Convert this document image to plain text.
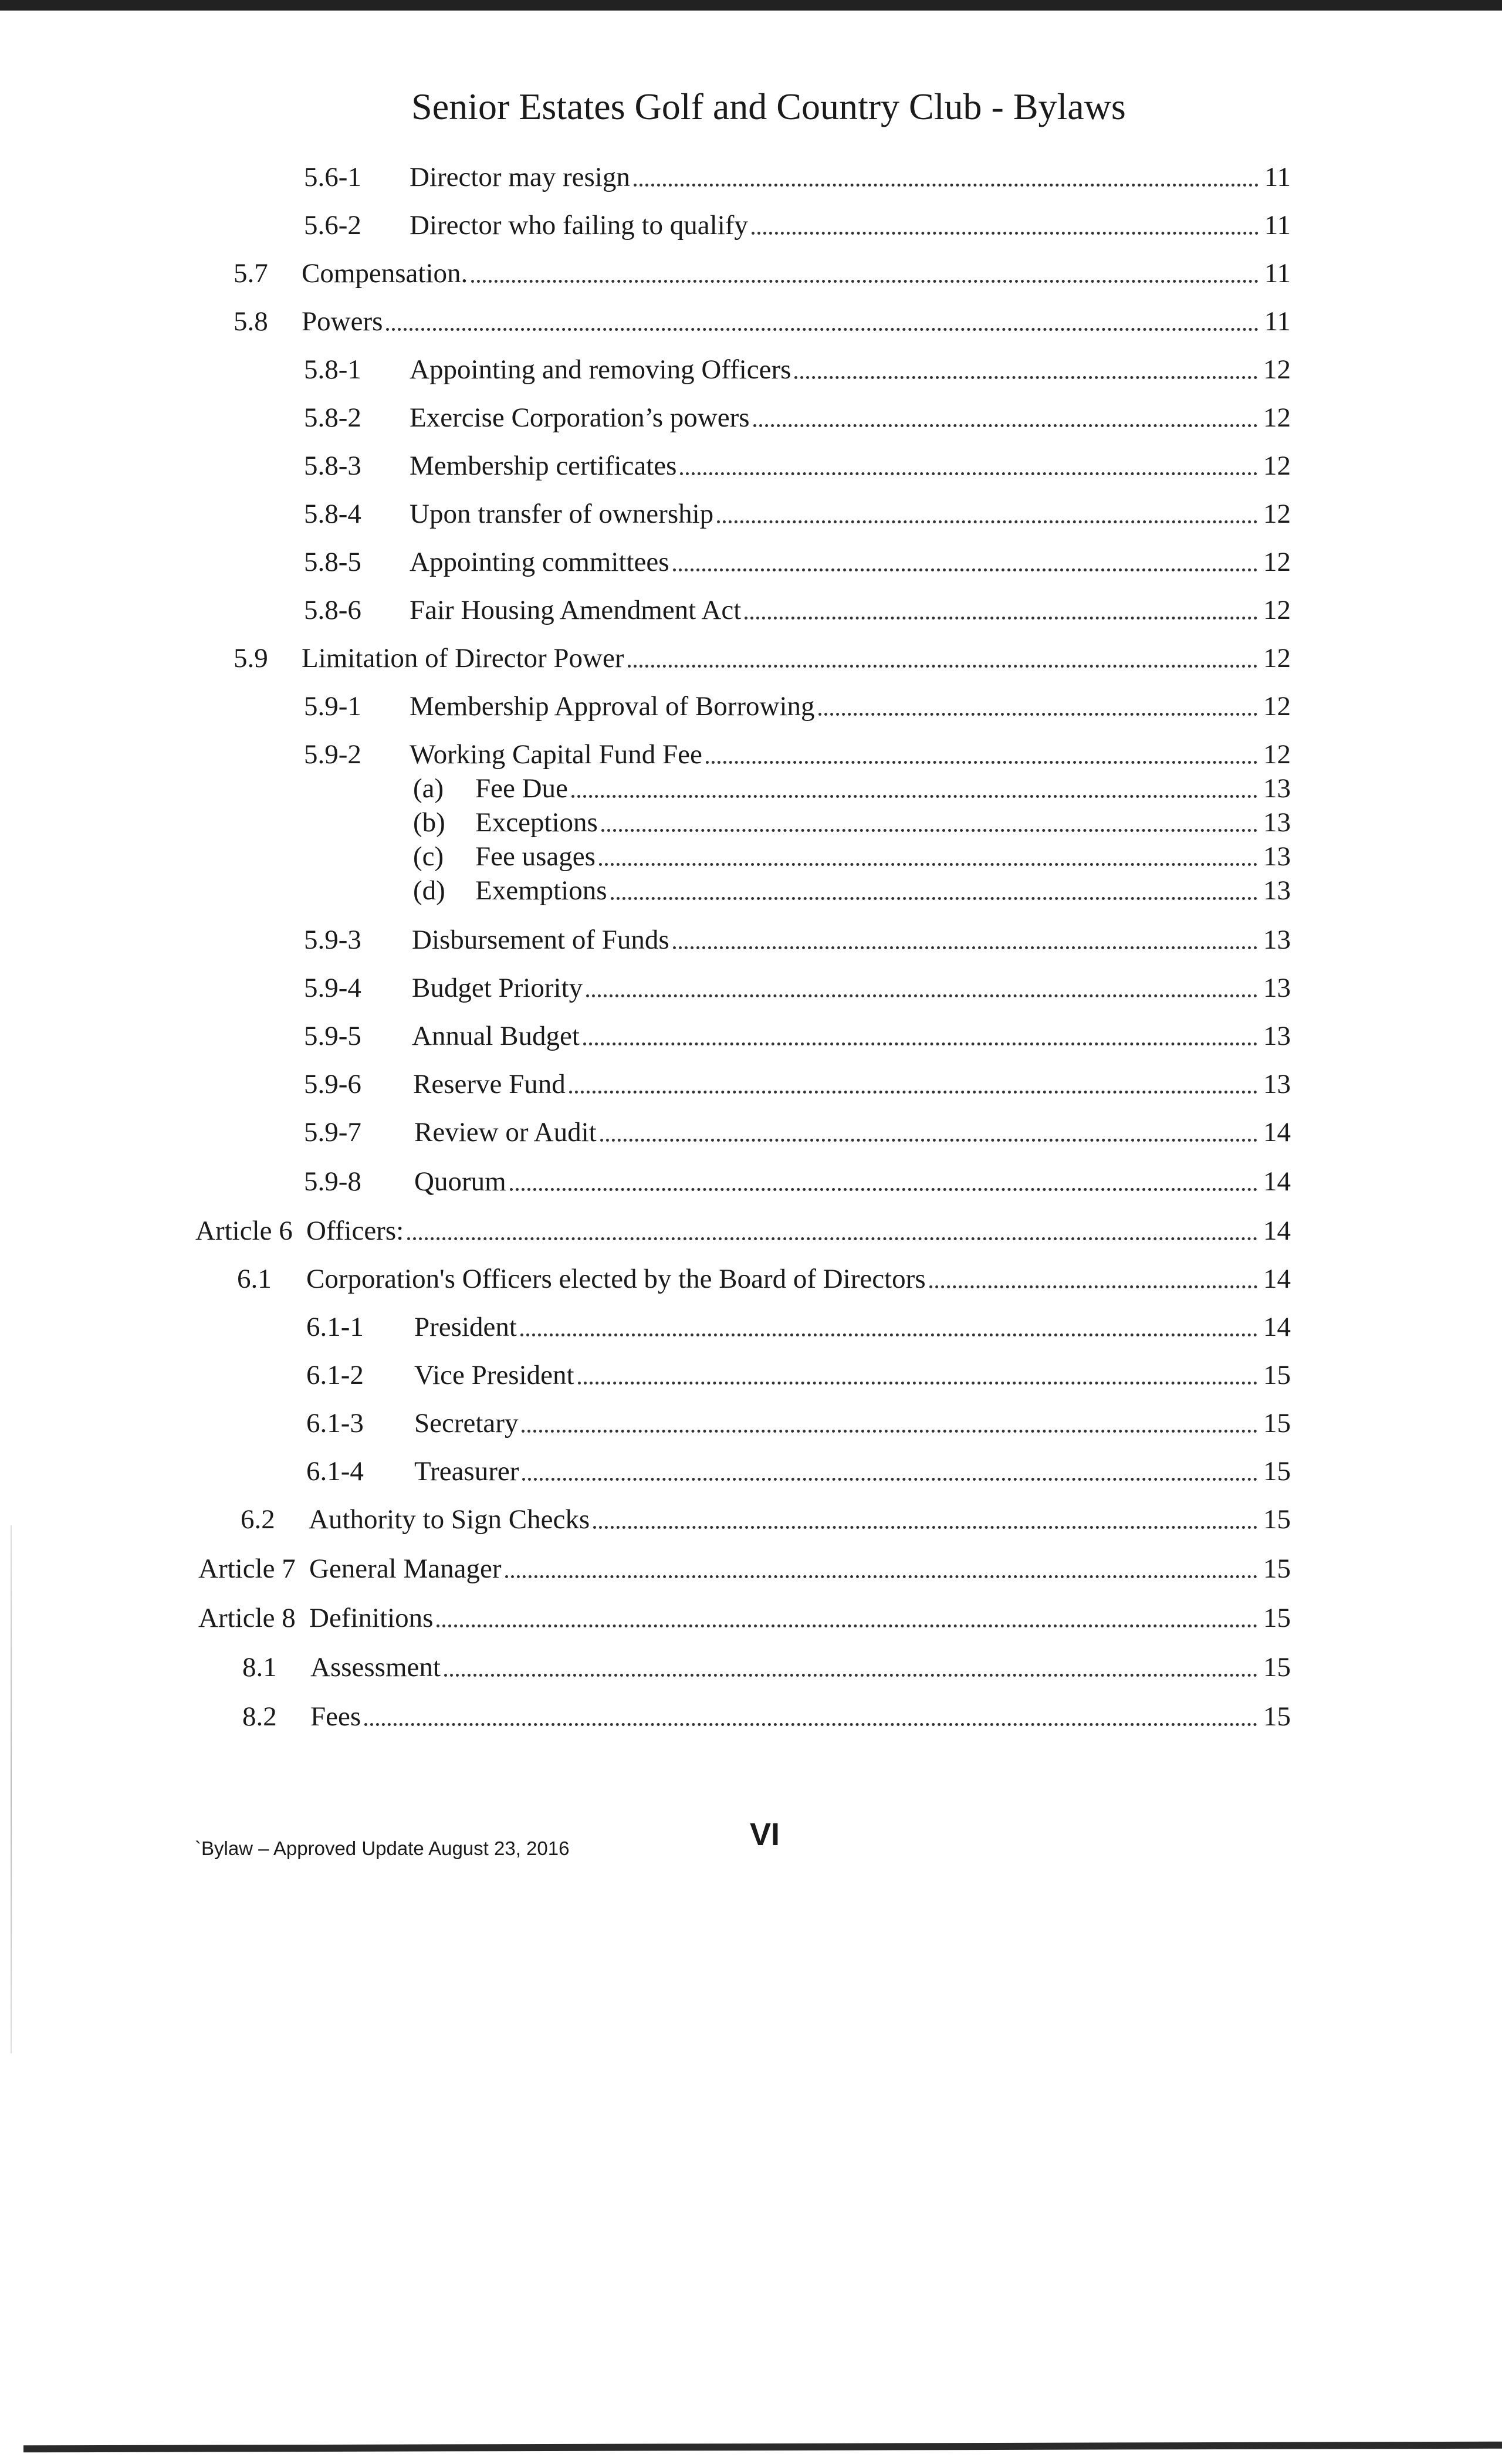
Senior Estates Golf and Country Club - Bylaws
5.6-1 Director may resign	11
5.6-2 Director who failing to qualify	11
5.7 Compensation.	11
5.8 Powers	11
5.8-1 Appointing and removing Officers	12
5.8-2 Exercise Corporation’s powers	12
5.8-3 Membership certificates	12
5.8-4 Upon transfer of ownership	12
5.8-5 Appointing committees	12
5.8-6 Fair Housing Amendment Act	12
5.9 Limitation of Director Power	12
5.9-1 Membership Approval of Borrowing	12
5.9-2 Working Capital Fund Fee	12
(a) Fee Due	13
(b) Exceptions	13
(c) Fee usages	13
(d) Exemptions	13
5.9-3 Disbursement of Funds	13
5.9-4 Budget Priority	13
5.9-5 Annual Budget	13
5.9-6 Reserve Fund	13
5.9-7 Review or Audit	14
5.9-8 Quorum	14
Article 6 Officers:	14
6.1 Corporation's Officers elected by the Board of Directors	14
6.1-1 President	14
6.1-2 Vice President	15
6.1-3 Secretary	15
6.1-4 Treasurer	15
6.2 Authority to Sign Checks	15
Article 7 General Manager	15
Article 8 Definitions	15
8.1 Assessment	15
8.2 Fees	15
`Bylaw – Approved Update August 23, 2016	VI
